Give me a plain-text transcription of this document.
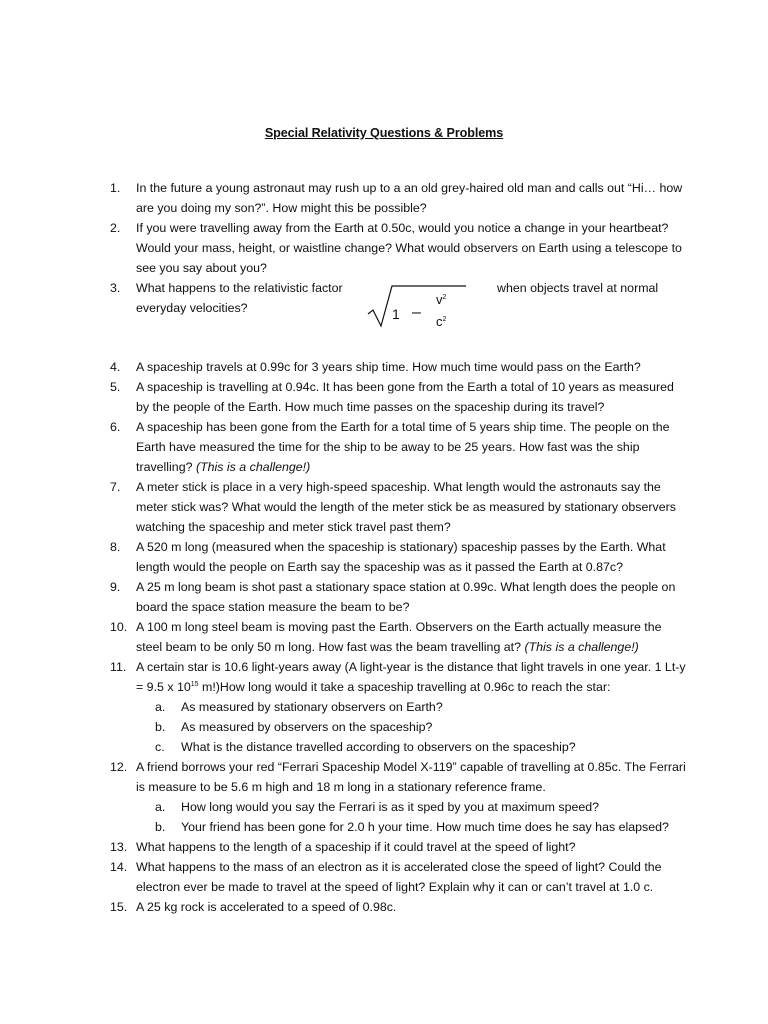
Special Relativity Questions & Problems
1.	In the future a young astronaut may rush up to a an old grey-haired old man and calls out “Hi… how are you doing my son?”. How might this be possible?
2.	If you were travelling away from the Earth at 0.50c, would you notice a change in your heartbeat? Would your mass, height, or waistline change? What would observers on Earth using a telescope to see you say about you?
3.	What happens to the relativistic factor
everyday velocities?	1 –
$v^2$
$c^2$
when objects travel at normal
4.	A spaceship travels at 0.99c for 3 years ship time. How much time would pass on the Earth?
5.	A spaceship is travelling at 0.94c. It has been gone from the Earth a total of 10 years as measured by the people of the Earth. How much time passes on the spaceship during its travel?
6.	A spaceship has been gone from the Earth for a total time of 5 years ship time. The people on the Earth have measured the time for the ship to be away to be 25 years. How fast was the ship travelling? (This is a challenge!)
7.	A meter stick is place in a very high-speed spaceship. What length would the astronauts say the meter stick was? What would the length of the meter stick be as measured by stationary observers watching the spaceship and meter stick travel past them?
8.	A 520 m long (measured when the spaceship is stationary) spaceship passes by the Earth. What length would the people on Earth say the spaceship was as it passed the Earth at 0.87c?
9.	A 25 m long beam is shot past a stationary space station at 0.99c. What length does the people on board the space station measure the beam to be?
10. A 100 m long steel beam is moving past the Earth. Observers on the Earth actually measure the steel beam to be only 50 m long. How fast was the beam travelling at? (This is a challenge!)
11. A certain star is 10.6 light-years away (A light-year is the distance that light travels in one year. 1 Lt-y = 9.5 x $10^{15}$ m!)How long would it take a spaceship travelling at 0.96c to reach the star:
a.	As measured by stationary observers on Earth?
b.	As measured by observers on the spaceship?
c.	What is the distance travelled according to observers on the spaceship?
12. A friend borrows your red “Ferrari Spaceship Model X-119” capable of travelling at 0.85c. The Ferrari is measure to be 5.6 m high and 18 m long in a stationary reference frame.
a.	How long would you say the Ferrari is as it sped by you at maximum speed?
b.	Your friend has been gone for 2.0 h your time. How much time does he say has elapsed?
13. What happens to the length of a spaceship if it could travel at the speed of light?
14. What happens to the mass of an electron as it is accelerated close the speed of light? Could the electron ever be made to travel at the speed of light? Explain why it can or can’t travel at 1.0 c.
15. A 25 kg rock is accelerated to a speed of 0.98c.
